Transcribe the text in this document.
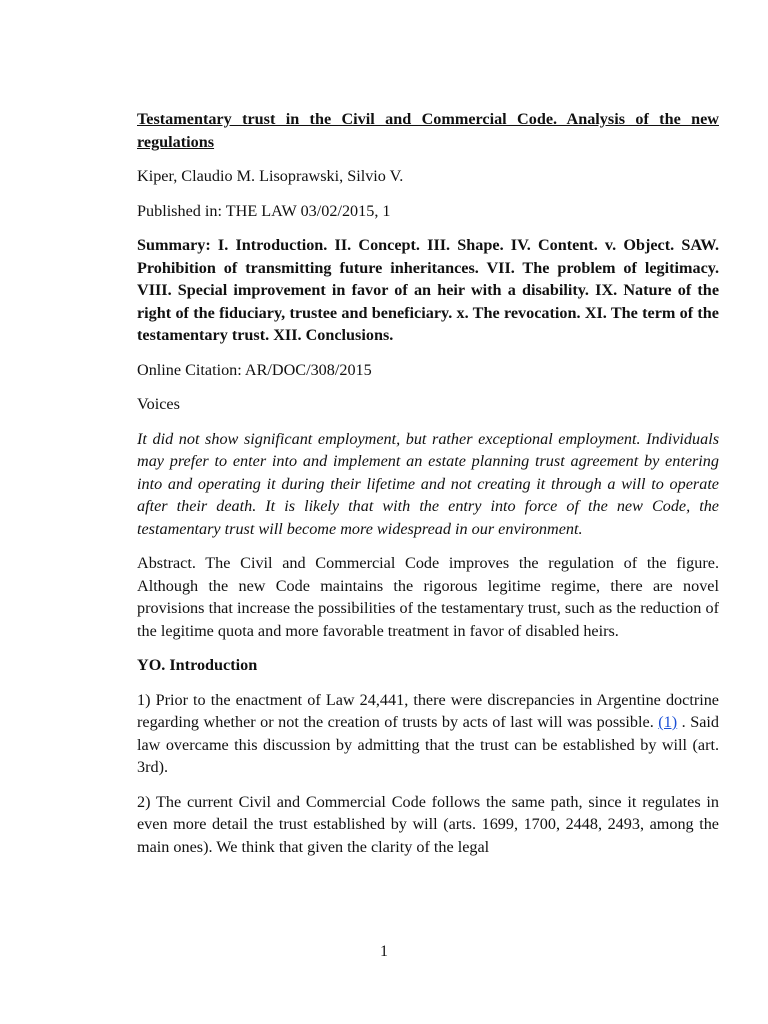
Testamentary trust in the Civil and Commercial Code. Analysis of the new regulations

Kiper, Claudio M. Lisoprawski, Silvio V.

Published in: THE LAW 03/02/2015, 1

Summary: I. Introduction. II. Concept. III. Shape. IV. Content. v. Object. SAW. Prohibition of transmitting future inheritances. VII. The problem of legitimacy. VIII. Special improvement in favor of an heir with a disability. IX. Nature of the right of the fiduciary, trustee and beneficiary. x. The revocation. XI. The term of the testamentary trust. XII. Conclusions.

Online Citation: AR/DOC/308/2015

Voices

It did not show significant employment, but rather exceptional employment. Individuals may prefer to enter into and implement an estate planning trust agreement by entering into and operating it during their lifetime and not creating it through a will to operate after their death. It is likely that with the entry into force of the new Code, the testamentary trust will become more widespread in our environment.

Abstract. The Civil and Commercial Code improves the regulation of the figure. Although the new Code maintains the rigorous legitime regime, there are novel provisions that increase the possibilities of the testamentary trust, such as the reduction of the legitime quota and more favorable treatment in favor of disabled heirs.

YO. Introduction

1) Prior to the enactment of Law 24,441, there were discrepancies in Argentine doctrine regarding whether or not the creation of trusts by acts of last will was possible. (1) . Said law overcame this discussion by admitting that the trust can be established by will (art. 3rd).

2) The current Civil and Commercial Code follows the same path, since it regulates in even more detail the trust established by will (arts. 1699, 1700, 2448, 2493, among the main ones). We think that given the clarity of the legal

1
